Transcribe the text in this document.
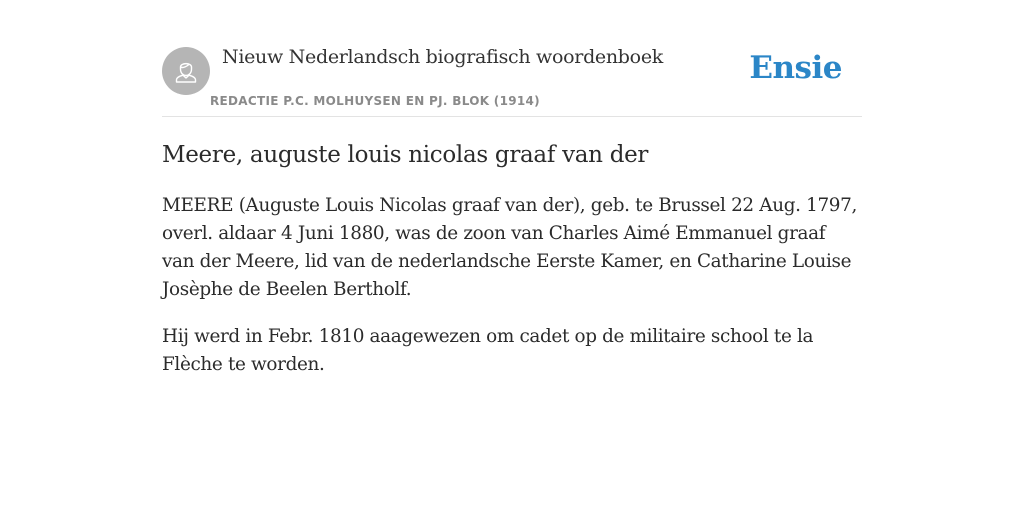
Nieuw Nederlandsch biografisch woordenboek
REDACTIE P.C. MOLHUYSEN EN PJ. BLOK (1914)
Ensie
Meere, auguste louis nicolas graaf van der

MEERE (Auguste Louis Nicolas graaf van der), geb. te Brussel 22 Aug. 1797, overl. aldaar 4 Juni 1880, was de zoon van Charles Aimé Emmanuel graaf van der Meere, lid van de nederlandsche Eerste Kamer, en Catharine Louise Josèphe de Beelen Bertholf.

Hij werd in Febr. 1810 aaagewezen om cadet op de militaire school te la Flèche te worden.
